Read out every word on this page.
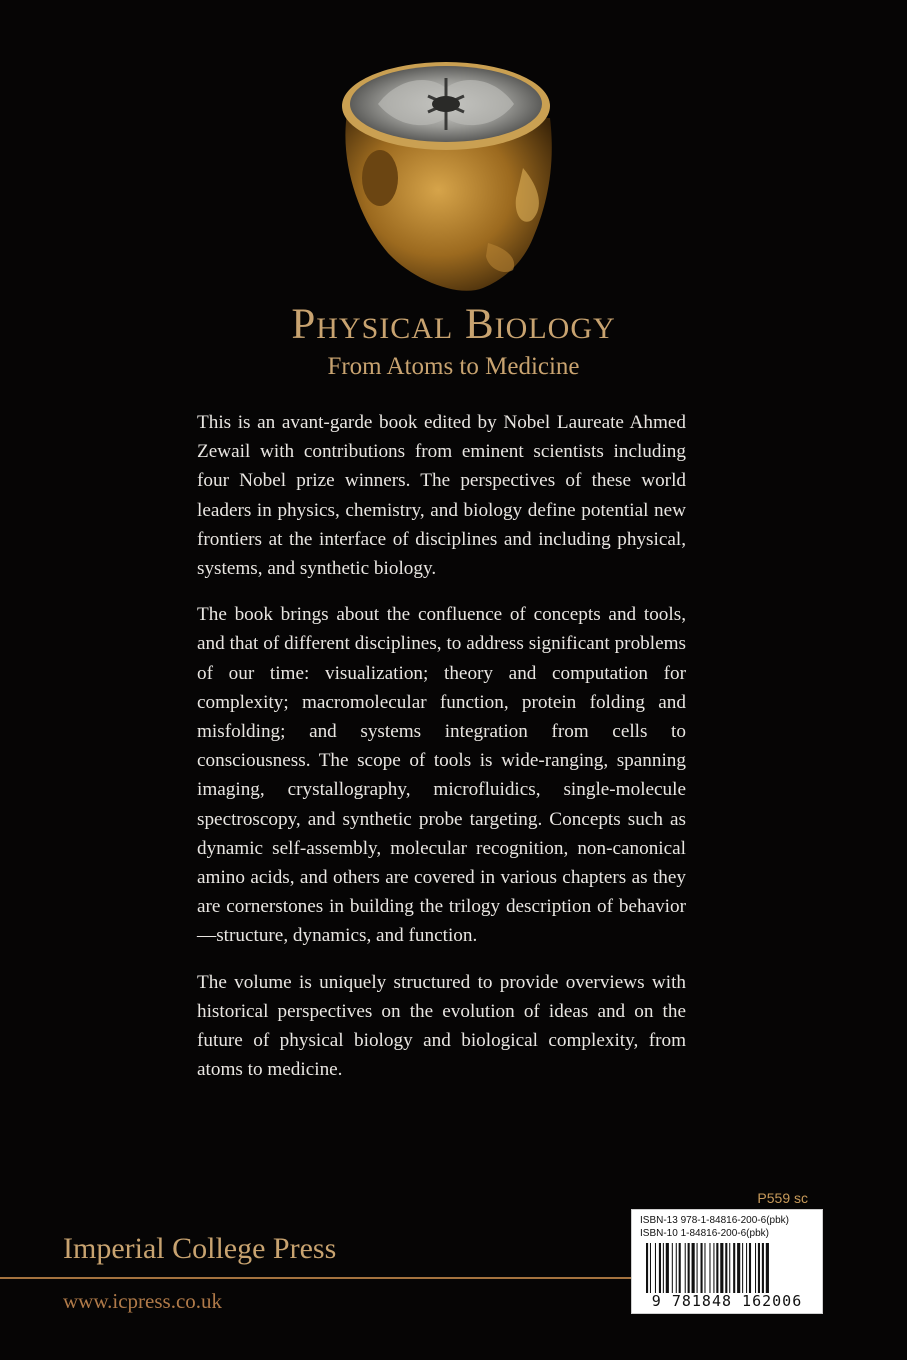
Physical Biology
From Atoms to Medicine

This is an avant-garde book edited by Nobel Laureate Ahmed Zewail with contributions from eminent scientists including four Nobel prize winners. The perspectives of these world leaders in physics, chemistry, and biology define potential new frontiers at the interface of disciplines and including physical, systems, and synthetic biology.

The book brings about the confluence of concepts and tools, and that of different disciplines, to address significant problems of our time: visualization; theory and computation for complexity; macromolecular function, protein folding and misfolding; and systems integration from cells to consciousness. The scope of tools is wide-ranging, spanning imaging, crystallography, microfluidics, single-molecule spectroscopy, and synthetic probe targeting. Concepts such as dynamic self-assembly, molecular recognition, non-canonical amino acids, and others are covered in various chapters as they are cornerstones in building the trilogy description of behavior—structure, dynamics, and function.

The volume is uniquely structured to provide overviews with historical perspectives on the evolution of ideas and on the future of physical biology and biological complexity, from atoms to medicine.

P559 sc
ISBN-13 978-1-84816-200-6(pbk)
ISBN-10 1-84816-200-6(pbk)
9 781848 162006
Imperial College Press
www.icpress.co.uk
